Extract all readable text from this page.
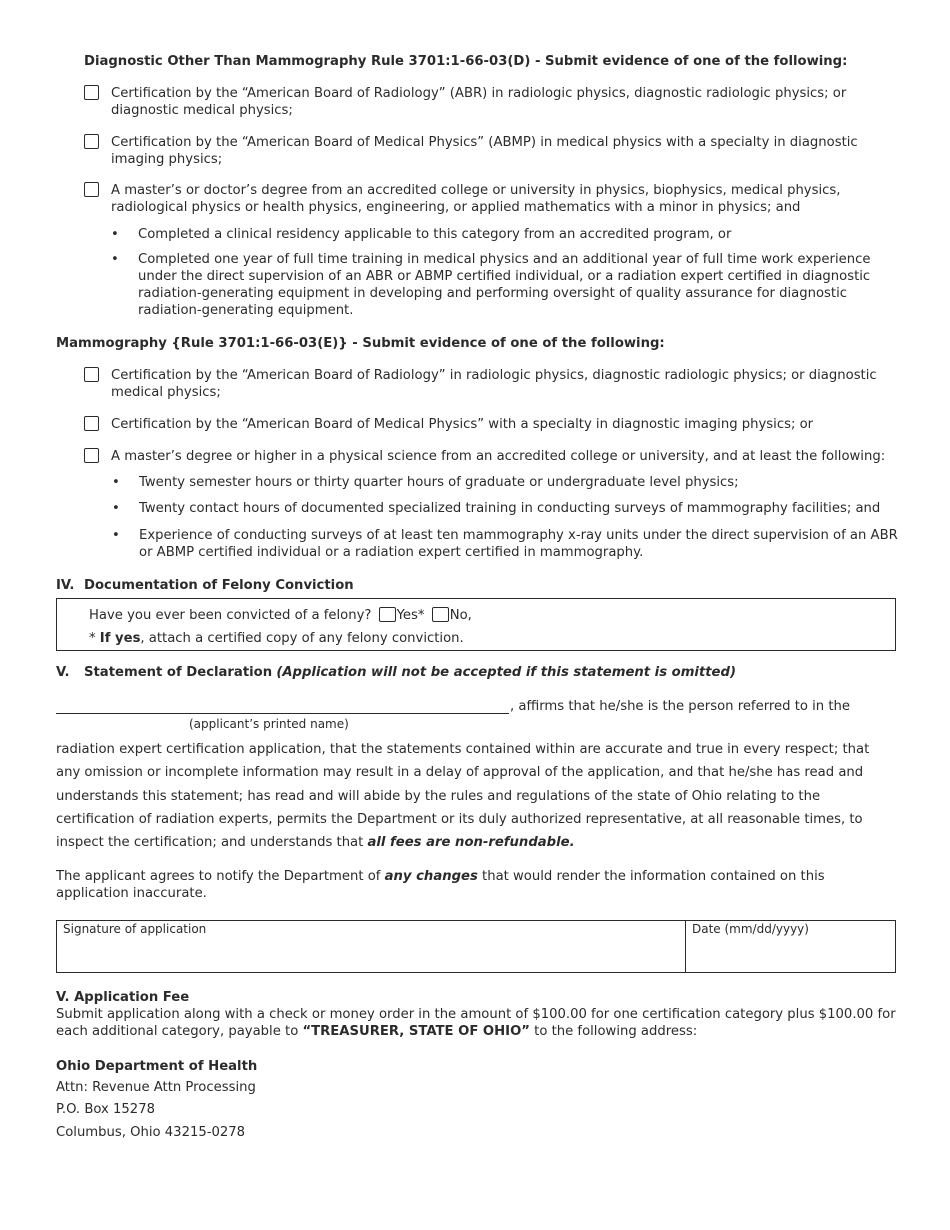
Diagnostic Other Than Mammography Rule 3701:1-66-03(D) - Submit evidence of one of the following:
Certification by the “American Board of Radiology” (ABR) in radiologic physics, diagnostic radiologic physics; or diagnostic medical physics;
Certification by the “American Board of Medical Physics” (ABMP) in medical physics with a specialty in diagnostic imaging physics;
A master’s or doctor’s degree from an accredited college or university in physics, biophysics, medical physics, radiological physics or health physics, engineering, or applied mathematics with a minor in physics; and
• Completed a clinical residency applicable to this category from an accredited program, or
• Completed one year of full time training in medical physics and an additional year of full time work experience under the direct supervision of an ABR or ABMP certified individual, or a radiation expert certified in diagnostic radiation-generating equipment in developing and performing oversight of quality assurance for diagnostic radiation-generating equipment.
Mammography {Rule 3701:1-66-03(E)} - Submit evidence of one of the following:
Certification by the “American Board of Radiology” in radiologic physics, diagnostic radiologic physics; or diagnostic medical physics;
Certification by the “American Board of Medical Physics” with a specialty in diagnostic imaging physics; or
A master’s degree or higher in a physical science from an accredited college or university, and at least the following:
• Twenty semester hours or thirty quarter hours of graduate or undergraduate level physics;
• Twenty contact hours of documented specialized training in conducting surveys of mammography facilities; and
• Experience of conducting surveys of at least ten mammography x-ray units under the direct supervision of an ABR or ABMP certified individual or a radiation expert certified in mammography.
IV. Documentation of Felony Conviction
Have you ever been convicted of a felony? Yes* No,
* If yes, attach a certified copy of any felony conviction.
V. Statement of Declaration (Application will not be accepted if this statement is omitted)
, affirms that he/she is the person referred to in the
(applicant’s printed name)
radiation expert certification application, that the statements contained within are accurate and true in every respect; that any omission or incomplete information may result in a delay of approval of the application, and that he/she has read and understands this statement; has read and will abide by the rules and regulations of the state of Ohio relating to the certification of radiation experts, permits the Department or its duly authorized representative, at all reasonable times, to inspect the certification; and understands that all fees are non-refundable.
The applicant agrees to notify the Department of any changes that would render the information contained on this application inaccurate.
Signature of application	Date (mm/dd/yyyy)
V. Application Fee
Submit application along with a check or money order in the amount of $100.00 for one certification category plus $100.00 for each additional category, payable to “TREASURER, STATE OF OHIO” to the following address:
Ohio Department of Health
Attn: Revenue Attn Processing
P.O. Box 15278
Columbus, Ohio 43215-0278
